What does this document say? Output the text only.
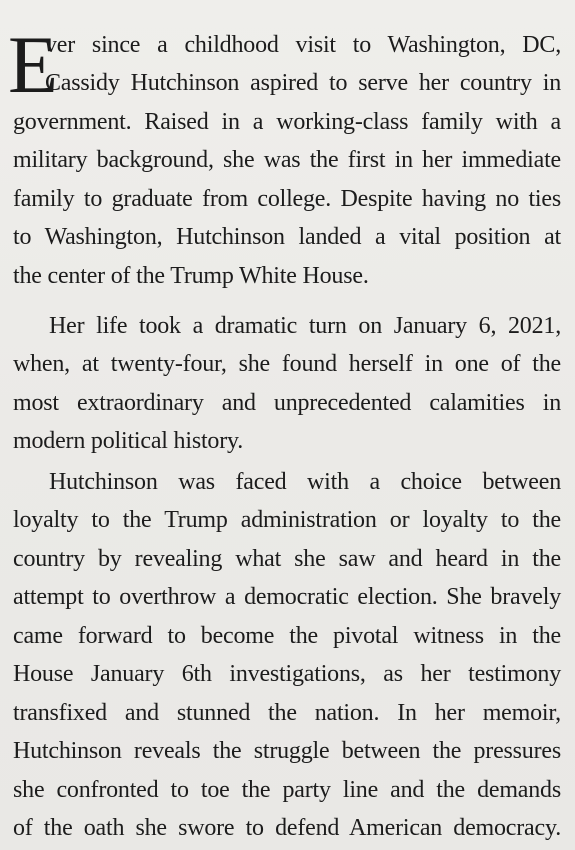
E
ver since a childhood visit to Washington, DC,
Cassidy Hutchinson aspired to serve her country in
government. Raised in a working-class family with a
military background, she was the first in her immediate
family to graduate from college. Despite having no ties
to Washington, Hutchinson landed a vital position at
the center of the Trump White House.
Her life took a dramatic turn on January 6, 2021,
when, at twenty-four, she found herself in one of the
most extraordinary and unprecedented calamities in
modern political history.
Hutchinson was faced with a choice between
loyalty to the Trump administration or loyalty to the
country by revealing what she saw and heard in the
attempt to overthrow a democratic election. She bravely
came forward to become the pivotal witness in the
House January 6th investigations, as her testimony
transfixed and stunned the nation. In her memoir,
Hutchinson reveals the struggle between the pressures
she confronted to toe the party line and the demands
of the oath she swore to defend American democracy.
